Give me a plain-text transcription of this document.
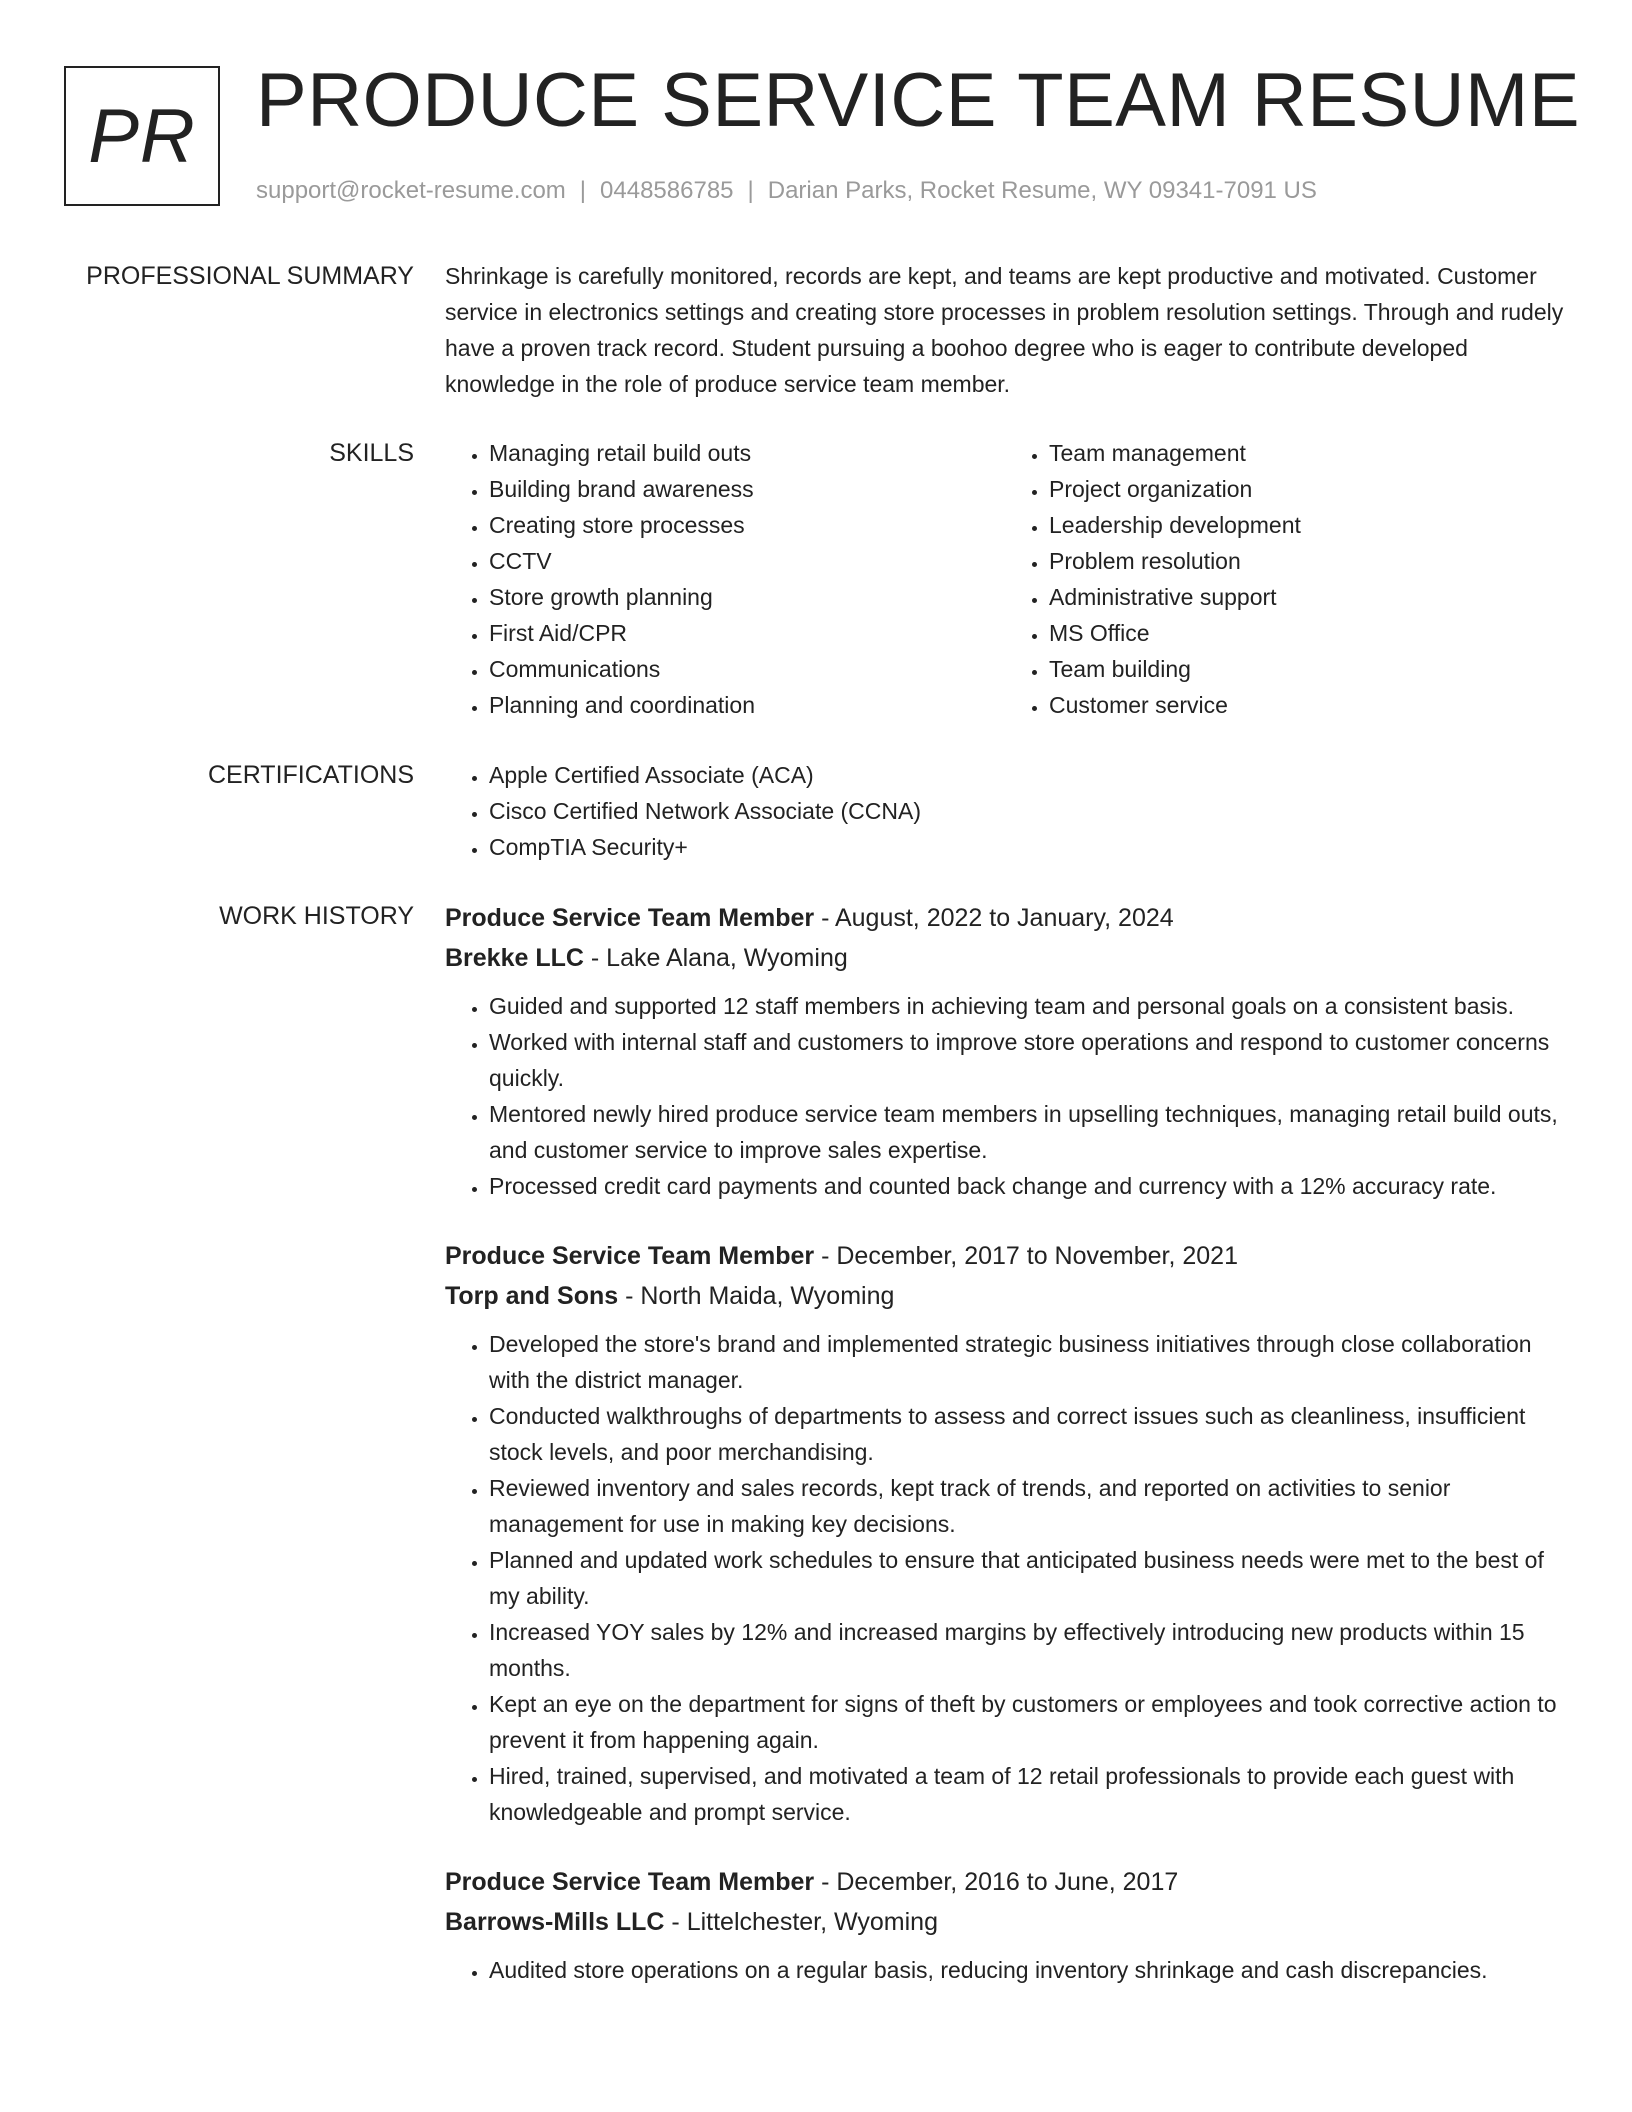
PR PRODUCE SERVICE TEAM RESUME
support@rocket-resume.com | 0448586785 | Darian Parks, Rocket Resume, WY 09341-7091 US
PROFESSIONAL SUMMARY Shrinkage is carefully monitored, records are kept, and teams are kept productive and motivated. Customer service in electronics settings and creating store processes in problem resolution settings. Through and rudely have a proven track record. Student pursuing a boohoo degree who is eager to contribute developed knowledge in the role of produce service team member.

SKILLS	• Managing retail build outs
• Building brand awareness
• Creating store processes
• CCTV
• Store growth planning
• First Aid/CPR
• Communications
• Planning and coordination
• Team management
• Project organization
• Leadership development
• Problem resolution
• Administrative support
• MS Office
• Team building
• Customer service
CERTIFICATIONS	• Apple Certified Associate (ACA)
• Cisco Certified Network Associate (CCNA)
• CompTIA Security+
WORK HISTORY Produce Service Team Member - August, 2022 to January, 2024
Brekke LLC - Lake Alana, Wyoming
• Guided and supported 12 staff members in achieving team and personal goals on a consistent basis.
• Worked with internal staff and customers to improve store operations and respond to customer concerns quickly.
• Mentored newly hired produce service team members in upselling techniques, managing retail build outs, and customer service to improve sales expertise.
• Processed credit card payments and counted back change and currency with a 12% accuracy rate.
Produce Service Team Member - December, 2017 to November, 2021
Torp and Sons - North Maida, Wyoming
• Developed the store's brand and implemented strategic business initiatives through close collaboration with the district manager.
• Conducted walkthroughs of departments to assess and correct issues such as cleanliness, insufficient stock levels, and poor merchandising.
• Reviewed inventory and sales records, kept track of trends, and reported on activities to senior management for use in making key decisions.
• Planned and updated work schedules to ensure that anticipated business needs were met to the best of my ability.
• Increased YOY sales by 12% and increased margins by effectively introducing new products within 15 months.
• Kept an eye on the department for signs of theft by customers or employees and took corrective action to prevent it from happening again.
• Hired, trained, supervised, and motivated a team of 12 retail professionals to provide each guest with knowledgeable and prompt service.
Produce Service Team Member - December, 2016 to June, 2017
Barrows-Mills LLC - Littelchester, Wyoming
• Audited store operations on a regular basis, reducing inventory shrinkage and cash discrepancies.
